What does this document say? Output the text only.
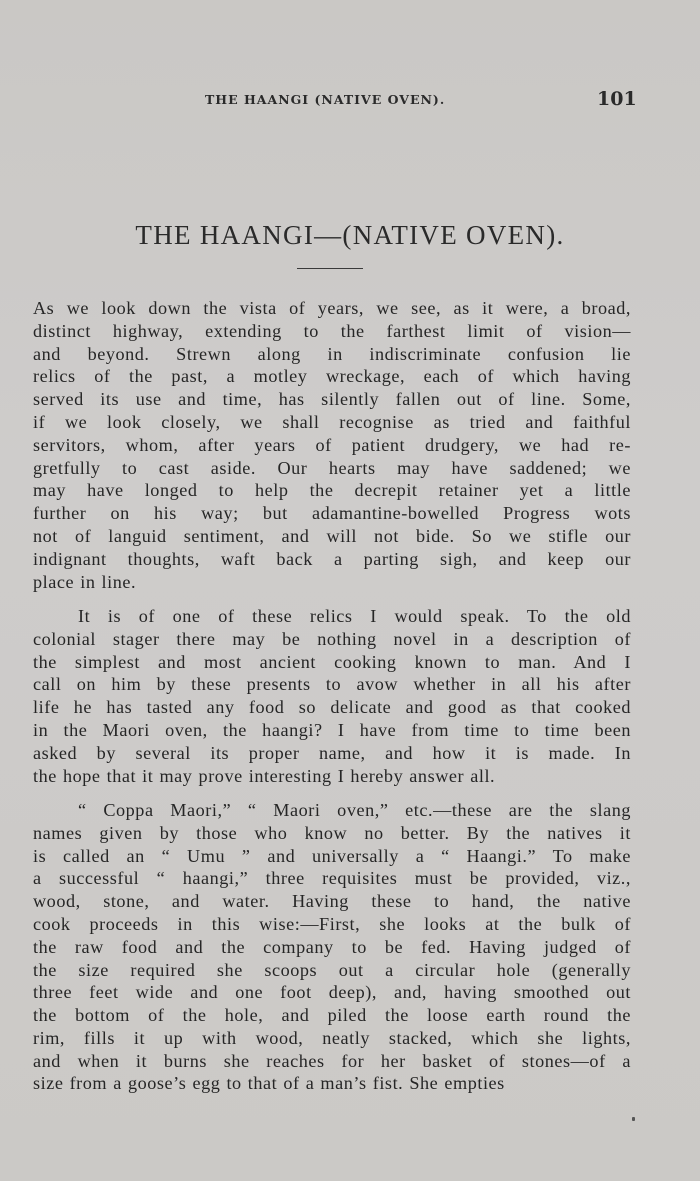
THE HAANGI (NATIVE OVEN).	101
THE HAANGI—(NATIVE OVEN).

As we look down the vista of years, we see, as it were, a broad,
distinct highway, extending to the farthest limit of vision—
and beyond. Strewn along in indiscriminate confusion lie
relics of the past, a motley wreckage, each of which having
served its use and time, has silently fallen out of line. Some,
if we look closely, we shall recognise as tried and faithful
servitors, whom, after years of patient drudgery, we had re-
gretfully to cast aside. Our hearts may have saddened; we
may have longed to help the decrepit retainer yet a little
further on his way; but adamantine-bowelled Progress wots
not of languid sentiment, and will not bide. So we stifle our
indignant thoughts, waft back a parting sigh, and keep our
place in line.

It is of one of these relics I would speak. To the old
colonial stager there may be nothing novel in a description of
the simplest and most ancient cooking known to man. And I
call on him by these presents to avow whether in all his after
life he has tasted any food so delicate and good as that cooked
in the Maori oven, the haangi? I have from time to time been
asked by several its proper name, and how it is made. In
the hope that it may prove interesting I hereby answer all.

“ Coppa Maori,” “ Maori oven,” etc.—these are the slang
names given by those who know no better. By the natives it
is called an “ Umu ” and universally a “ Haangi.” To make
a successful “ haangi,” three requisites must be provided, viz.,
wood, stone, and water. Having these to hand, the native
cook proceeds in this wise:—First, she looks at the bulk of
the raw food and the company to be fed. Having judged of
the size required she scoops out a circular hole (generally
three feet wide and one foot deep), and, having smoothed out
the bottom of the hole, and piled the loose earth round the
rim, fills it up with wood, neatly stacked, which she lights,
and when it burns she reaches for her basket of stones—of a
size from a goose’s egg to that of a man’s fist. She empties
